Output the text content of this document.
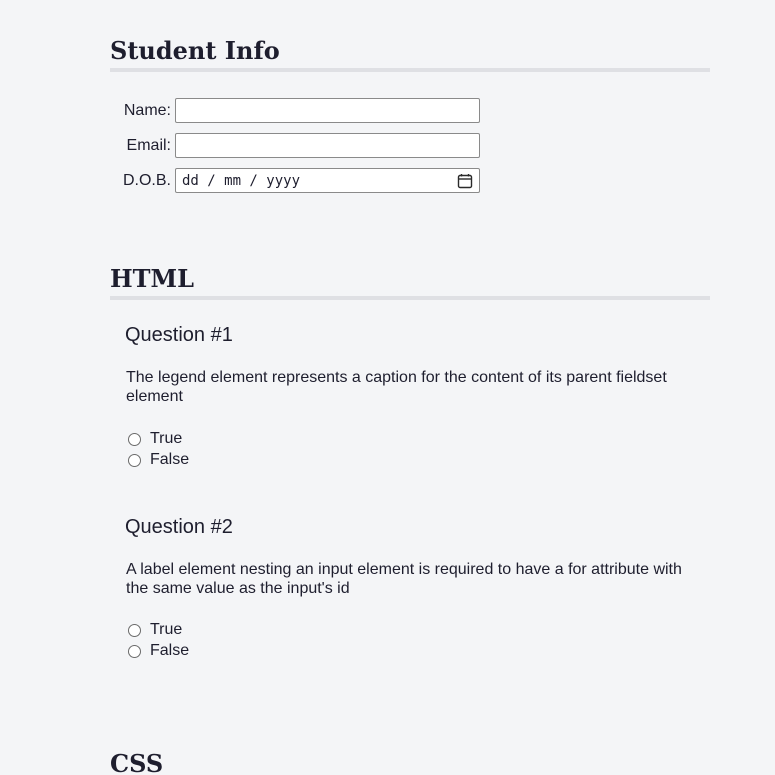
Student Info
Name:
Email:
D.O.B. dd / mm / yyyy
HTML
Question #1

The legend element represents a caption for the content of its parent fieldset element

True
False
Question #2

A label element nesting an input element is required to have a for attribute with the same value as the input's id

True
False
CSS
